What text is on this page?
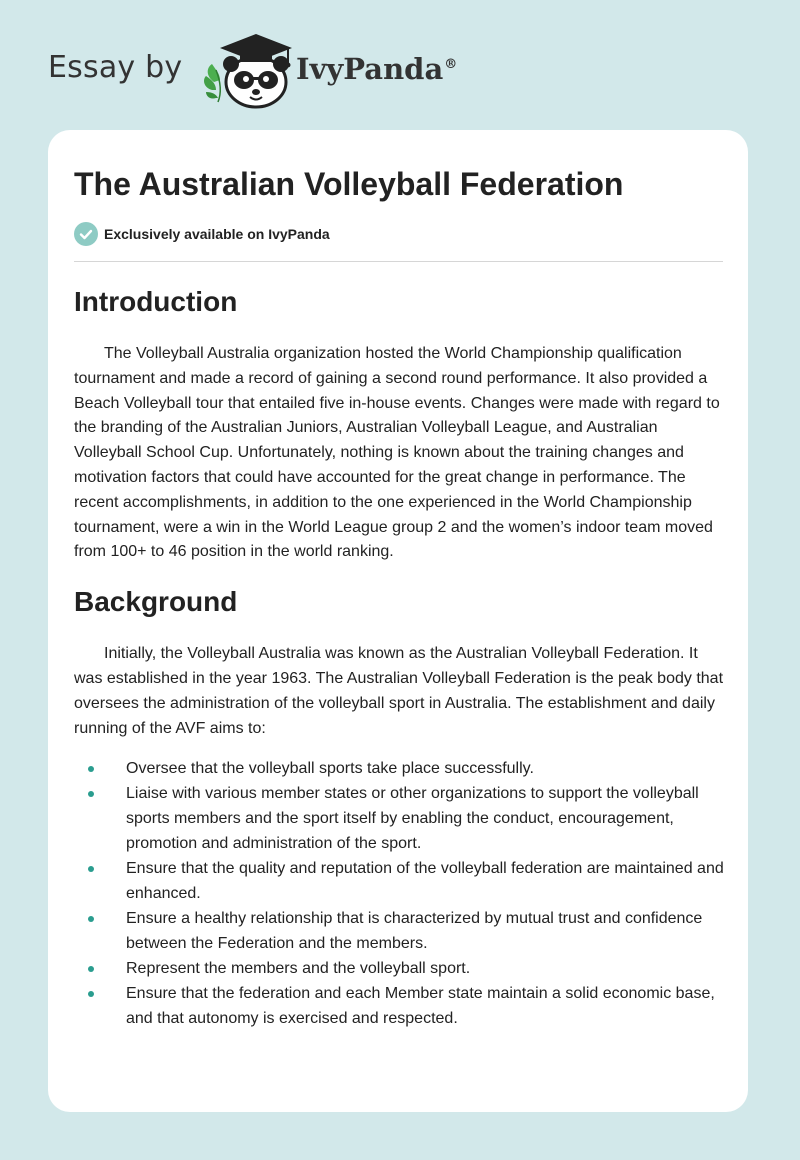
Essay by	IvyPanda®
The Australian Volleyball Federation
Exclusively available on IvyPanda
Introduction

The Volleyball Australia organization hosted the World Championship qualification tournament and made a record of gaining a second round performance. It also provided a Beach Volleyball tour that entailed five in-house events. Changes were made with regard to the branding of the Australian Juniors, Australian Volleyball League, and Australian Volleyball School Cup. Unfortunately, nothing is known about the training changes and motivation factors that could have accounted for the great change in performance. The recent accomplishments, in addition to the one experienced in the World Championship tournament, were a win in the World League group 2 and the women’s indoor team moved from 100+ to 46 position in the world ranking.

Background

Initially, the Volleyball Australia was known as the Australian Volleyball Federation. It was established in the year 1963. The Australian Volleyball Federation is the peak body that oversees the administration of the volleyball sport in Australia. The establishment and daily running of the AVF aims to:

Oversee that the volleyball sports take place successfully.
Liaise with various member states or other organizations to support the volleyball sports members and the sport itself by enabling the conduct, encouragement, promotion and administration of the sport.
Ensure that the quality and reputation of the volleyball federation are maintained and enhanced.
Ensure a healthy relationship that is characterized by mutual trust and confidence between the Federation and the members.
Represent the members and the volleyball sport.
Ensure that the federation and each Member state maintain a solid economic base, and that autonomy is exercised and respected.
